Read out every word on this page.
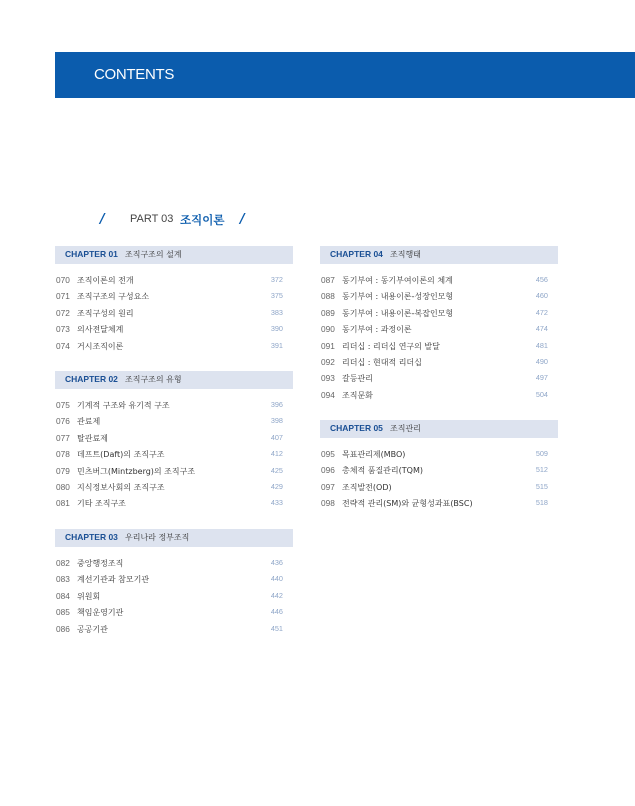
CONTENTS
/ PART 03 조직이론 /
CHAPTER 01 조직구조의 설계
070 조직이론의 전개	372
071 조직구조의 구성요소	375
072 조직구성의 원리	383
073 의사전달체계	390
074 거시조직이론	391
CHAPTER 02 조직구조의 유형
075 기계적 구조와 유기적 구조	396
076 관료제	398
077 탈관료제	407
078 데프트(Daft)의 조직구조	412
079 민츠버그(Mintzberg)의 조직구조	425
080 지식정보사회의 조직구조	429
081 기타 조직구조	433
CHAPTER 03 우리나라 정부조직
082 중앙행정조직	436
083 계선기관과 참모기관	440
084 위원회	442
085 책임운영기관	446
086 공공기관	451
CHAPTER 04 조직행태
087 동기부여 : 동기부여이론의 체계	456
088 동기부여 : 내용이론-성장인모형	460
089 동기부여 : 내용이론-복잡인모형	472
090 동기부여 : 과정이론	474
091 리더십 : 리더십 연구의 발달	481
092 리더십 : 현대적 리더십	490
093 갈등관리	497
094 조직문화	504
CHAPTER 05 조직관리
095 목표관리제(MBO)	509
096 총체적 품질관리(TQM)	512
097 조직발전(OD)	515
098 전략적 관리(SM)와 균형성과표(BSC)	518
